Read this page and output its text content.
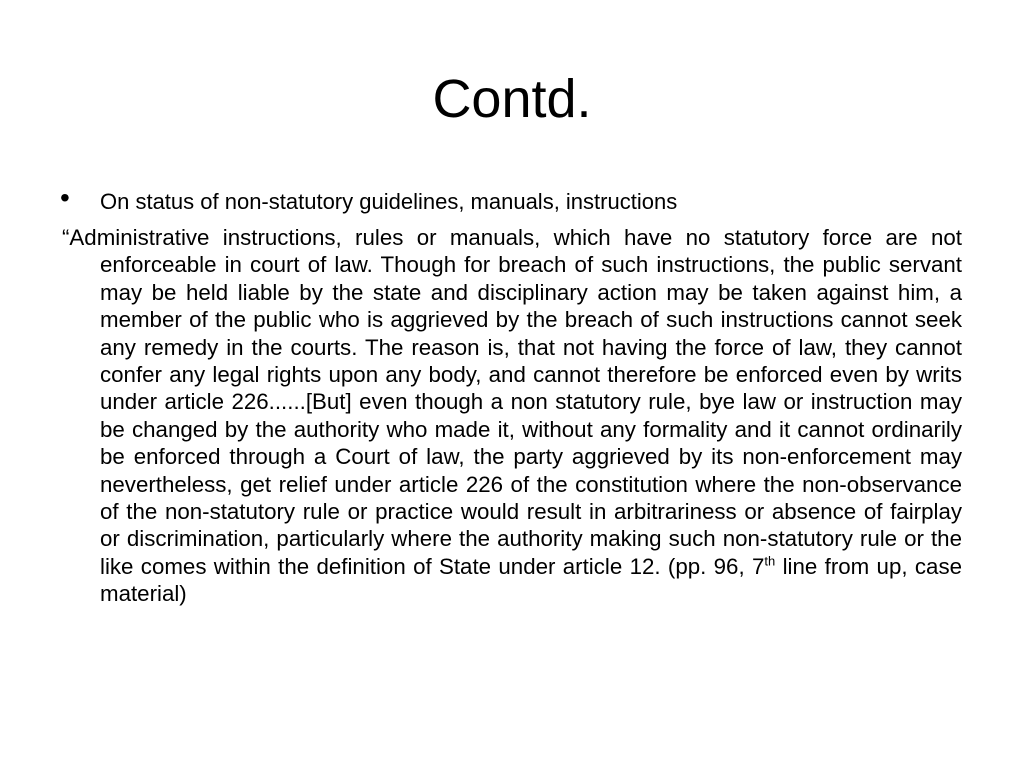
Contd.
• On status of non-statutory guidelines, manuals, instructions

“Administrative instructions, rules or manuals, which have no statutory force are not enforceable in court of law. Though for breach of such instructions, the public servant may be held liable by the state and disciplinary action may be taken against him, a member of the public who is aggrieved by the breach of such instructions cannot seek any remedy in the courts. The reason is, that not having the force of law, they cannot confer any legal rights upon any body, and cannot therefore be enforced even by writs under article 226......[But] even though a non statutory rule, bye law or instruction may be changed by the authority who made it, without any formality and it cannot ordinarily be enforced through a Court of law, the party aggrieved by its non-enforcement may nevertheless, get relief under article 226 of the constitution where the non-observance of the non-statutory rule or practice would result in arbitrariness or absence of fairplay or discrimination, particularly where the authority making such non-statutory rule or the like comes within the definition of State under article 12. (pp. 96, 7th line from up, case material)
